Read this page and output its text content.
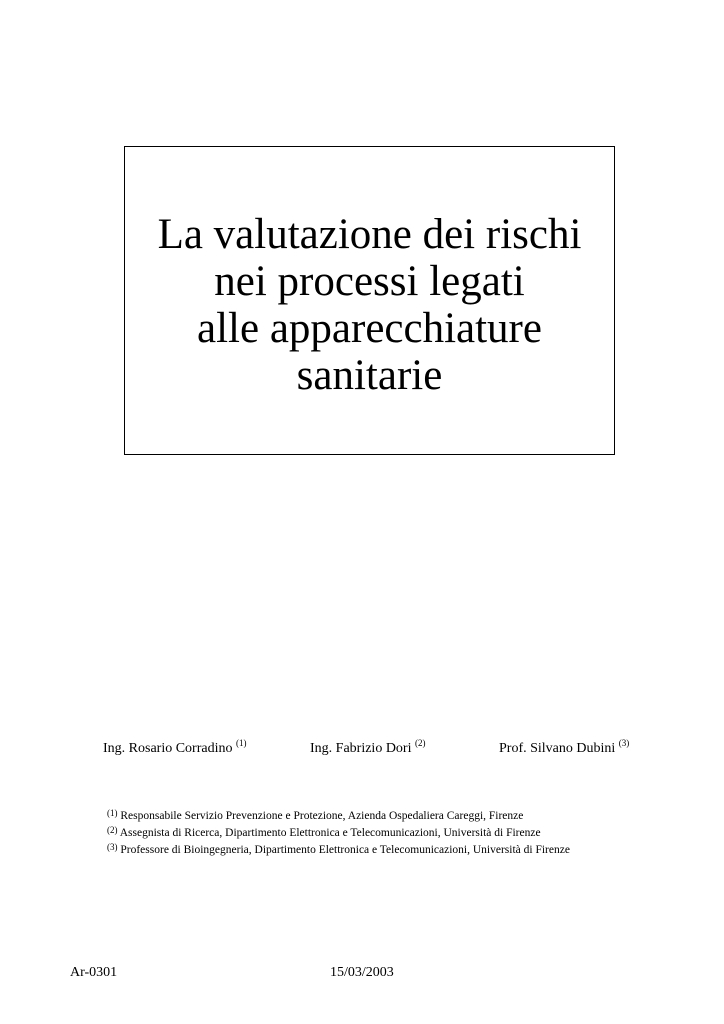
La valutazione dei rischi
nei processi legati
alle apparecchiature
sanitarie
Ing. Rosario Corradino $^{(1)}$	Ing. Fabrizio Dori $^{(2)}$	Prof. Silvano Dubini $^{(3)}$
$^{(1)}$ Responsabile Servizio Prevenzione e Protezione, Azienda Ospedaliera Careggi, Firenze
$^{(2)}$ Assegnista di Ricerca, Dipartimento Elettronica e Telecomunicazioni, Università di Firenze
$^{(3)}$ Professore di Bioingegneria, Dipartimento Elettronica e Telecomunicazioni, Università di Firenze
Ar-0301	15/03/2003
